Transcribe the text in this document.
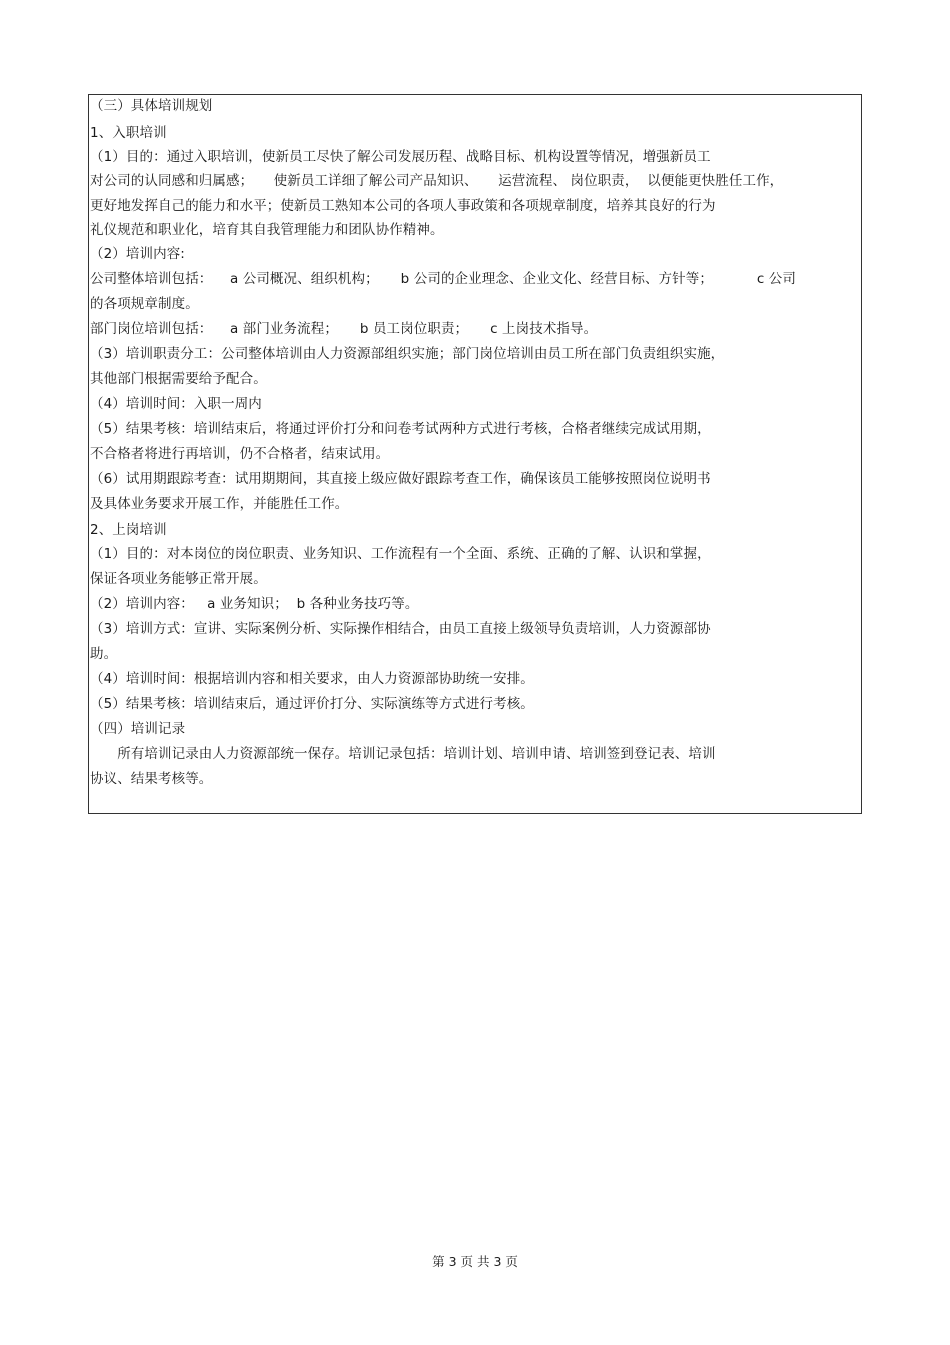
（三）具体培训规划
1、入职培训
（1）目的：通过入职培训，使新员工尽快了解公司发展历程、战略目标、机构设置等情况，增强新员工
对公司的认同感和归属感；　　使新员工详细了解公司产品知识、　　运营流程、 岗位职责，  以便能更快胜任工作，
更好地发挥自己的能力和水平；使新员工熟知本公司的各项人事政策和各项规章制度，培养其良好的行为
礼仪规范和职业化，培育其自我管理能力和团队协作精神。
（2）培训内容:
公司整体培训包括：    a 公司概况、组织机构；     b 公司的企业理念、企业文化、经营目标、方针等；          c 公司
的各项规章制度。
部门岗位培训包括：    a 部门业务流程；     b 员工岗位职责；     c 上岗技术指导。
（3）培训职责分工：公司整体培训由人力资源部组织实施；部门岗位培训由员工所在部门负责组织实施，
其他部门根据需要给予配合。
（4）培训时间：入职一周内
（5）结果考核：培训结束后，将通过评价打分和问卷考试两种方式进行考核，合格者继续完成试用期，
不合格者将进行再培训，仍不合格者，结束试用。
（6）试用期跟踪考查：试用期期间，其直接上级应做好跟踪考查工作，确保该员工能够按照岗位说明书
及具体业务要求开展工作，并能胜任工作。
2、上岗培训
（1）目的：对本岗位的岗位职责、业务知识、工作流程有一个全面、系统、正确的了解、认识和掌握，
保证各项业务能够正常开展。
（2）培训内容：   a 业务知识；  b 各种业务技巧等。
（3）培训方式：宣讲、实际案例分析、实际操作相结合，由员工直接上级领导负责培训，人力资源部协
助。
（4）培训时间：根据培训内容和相关要求，由人力资源部协助统一安排。
（5）结果考核：培训结束后，通过评价打分、实际演练等方式进行考核。
（四）培训记录
　　所有培训记录由人力资源部统一保存。培训记录包括：培训计划、培训申请、培训签到登记表、培训
协议、结果考核等。
第 3 页 共 3 页
